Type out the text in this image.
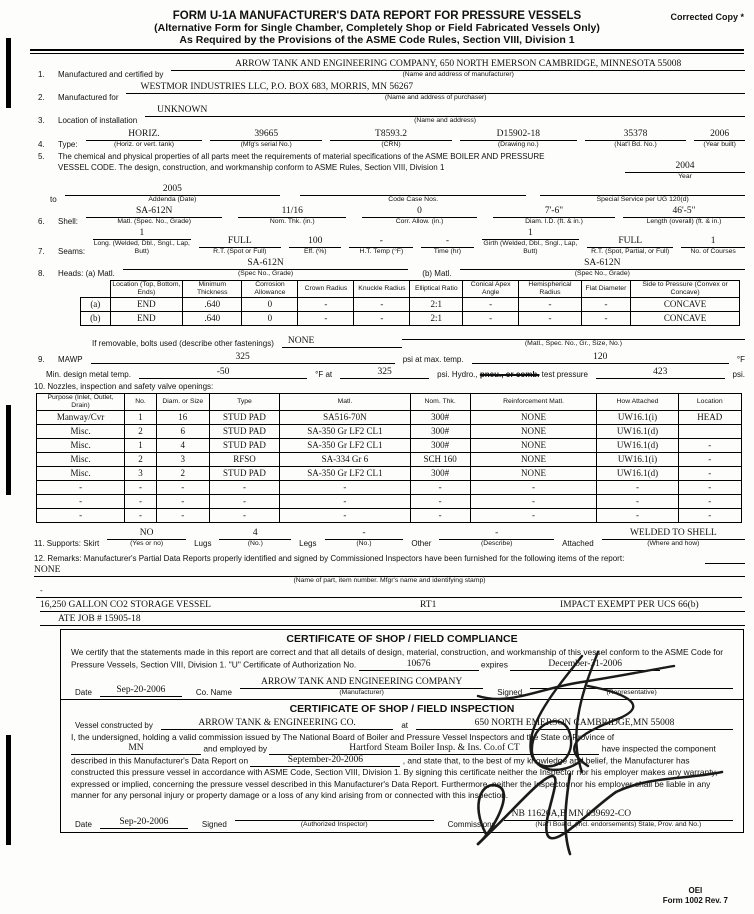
Corrected Copy *
FORM U-1A MANUFACTURER'S DATA REPORT FOR PRESSURE VESSELS
(Alternative Form for Single Chamber, Completely Shop or Field Fabricated Vessels Only)
As Required by the Provisions of the ASME Code Rules, Section VIII, Division 1
1.	Manufactured and certified by
ARROW TANK AND ENGINEERING COMPANY, 650 NORTH EMERSON CAMBRIDGE, MINNESOTA 55008
(Name and address of manufacturer)
2.	Manufactured for
WESTMOR INDUSTRIES LLC, P.O. BOX 683, MORRIS, MN 56267
(Name and address of purchaser)
3.	Location of installation
UNKNOWN
(Name and address)
4.	Type:
HORIZ.
(Horiz. or vert. tank)
39665
(Mfg's serial No.)
T8593.2
(CRN)
D15902-18
(Drawing no.)
35378
(Nat'l Bd. No.)
2006
(Year built)
5.	The chemical and physical properties of all parts meet the requirements of material specifications of the ASME BOILER AND PRESSURE
VESSEL CODE. The design, construction, and workmanship conform to ASME Rules, Section VIII, Division 1	2004
Year
to
2005
Addenda (Date)	Code Case Nos.	Special Service per UG 120(d)
6.	Shell:
SA-612N
Matl. (Spec. No., Grade)
11/16
Nom. Thk. (in.)
0
Corr. Allow. (in.)
7'-6"
Diam. I.D. (ft. & in.)
46'-5"
Length (overall) (ft. & in.)
7.	Seams:
1
Long. (Welded, Dbl., Sngl., Lap, Butt)
FULL
R.T. (Spot or Full)
100
Eff. (%)
-
H.T. Temp (°F)
-
Time (hr)
1
Girth (Welded, Dbl., Sngl., Lap, Butt)
FULL
R.T. (Spot, Partial, or Full)
1
No. of Courses
8.	Heads: (a) Matl.
SA-612N
(Spec No., Grade)	(b) Matl.
SA-612N
(Spec No., Grade)
	Location (Top, Bottom, Ends)	Minimum Thickness	Corrosion Allowance	Crown Radius	Knuckle Radius	Elliptical Ratio	Conical Apex Angle	Hemispherical Radius	Flat Diameter	Side to Pressure (Convex or Concave)
(a)	END	.640	0	-	-	2:1	-	-	-	CONCAVE
(b)	END	.640	0	-	-	2:1	-	-	-	CONCAVE
If removable, bolts used (describe other fastenings)	NONE
	(Matl., Spec. No., Gr., Size, No.)
9.	MAWP	325	psi at max. temp.	120	°F
Min. design metal temp.	-50	°F at	325	psi. Hydro., pneu., or comb. test pressure	423	psi.
10. Nozzles, inspection and safety valve openings:
Purpose (Inlet, Outlet, Drain)	No.	Diam. or Size	Type	Matl.	Nom. Thk.	Reinforcement Matl.	How Attached	Location
Manway/Cvr	1	16	STUD PAD	SA516-70N	300#	NONE	UW16.1(i)	HEAD
Misc.	2	6	STUD PAD	SA-350 Gr LF2 CL1	300#	NONE	UW16.1(d)	
Misc.	1	4	STUD PAD	SA-350 Gr LF2 CL1	300#	NONE	UW16.1(d)	-
Misc.	2	3	RFSO	SA-334 Gr 6	SCH 160	NONE	UW16.1(i)	-
Misc.	3	2	STUD PAD	SA-350 Gr LF2 CL1	300#	NONE	UW16.1(d)	-
-	-	-	-	-	-	-	-	-
-	-	-	-	-	-	-	-	-
-	-	-	-	-	-	-	-	-
11. Supports: Skirt
NO
(Yes or no)	Lugs
4
(No.)	Legs
-
(No.)	Other
-
(Describe)	Attached
WELDED TO SHELL
(Where and how)
12. Remarks: Manufacturer's Partial Data Reports properly identified and signed by Commissioned Inspectors have been furnished for the following items of the report:

NONE
(Name of part, item number. Mfgr's name and identifying stamp)
-
16,250 GALLON CO2 STORAGE VESSEL	RT1	IMPACT EXEMPT PER UCS 66(b)
ATE JOB # 15905-18
CERTIFICATE OF SHOP / FIELD COMPLIANCE
We certify that the statements made in this report are correct and that all details of design, material, construction, and workmanship of this vessel conform to the ASME Code for Pressure Vessels, Section VIII, Division 1. "U" Certificate of Authorization No.	10676	expires	December-31-2006	.
Date	Sep-20-2006	Co. Name
ARROW TANK AND ENGINEERING COMPANY
(Manufacturer)	Signed
	(Representative)
CERTIFICATE OF SHOP / FIELD INSPECTION
Vessel constructed by	ARROW TANK & ENGINEERING CO.	at	650 NORTH EMERSON CAMBRIDGE,MN 55008
I, the undersigned, holding a valid commission issued by The National Board of Boiler and Pressure Vessel Inspectors and the State or Province of MN	and employed by	Hartford Steam Boiler Insp. & Ins. Co.of CT	have inspected the component described in this Manufacturer's Data Report on	September-20-2006	, and state that, to the best of my knowledge and belief, the Manufacturer has constructed this pressure vessel in accordance with ASME Code, Section VIII, Division 1. By signing this certificate neither the Inspector nor his employer makes any warranty, expressed or implied, concerning the pressure vessel described in this Manufacturer's Data Report. Furthermore, neither the Inspector nor his employer shall be liable in any manner for any personal injury or property damage or a loss of any kind arising from or connected with this inspection.
Date	Sep-20-2006	Signed
	(Authorized Inspector)	Commissions
NB 11620A,B MN 039692-CO
(Nat'l Board, (incl. endorsements) State, Prov. and No.)
OEI
Form 1002 Rev. 7
